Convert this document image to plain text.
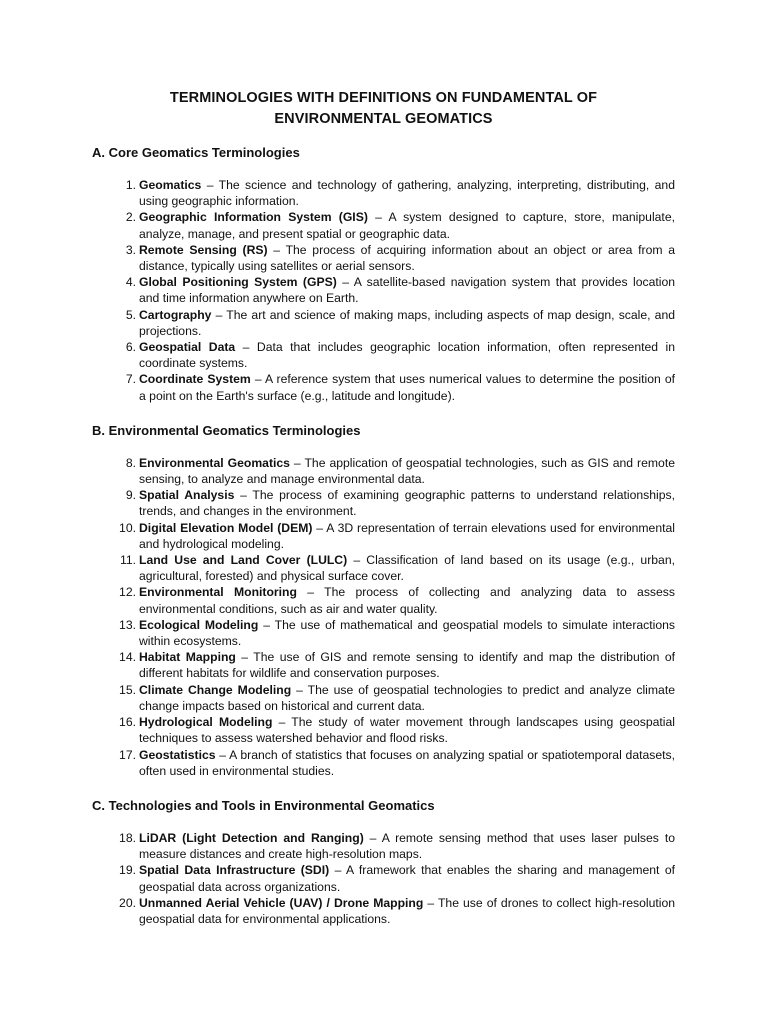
TERMINOLOGIES WITH DEFINITIONS ON FUNDAMENTAL OF
ENVIRONMENTAL GEOMATICS
A. Core Geomatics Terminologies
1. Geomatics – The science and technology of gathering, analyzing, interpreting, distributing, and using geographic information.
2. Geographic Information System (GIS) – A system designed to capture, store, manipulate, analyze, manage, and present spatial or geographic data.
3. Remote Sensing (RS) – The process of acquiring information about an object or area from a distance, typically using satellites or aerial sensors.
4. Global Positioning System (GPS) – A satellite-based navigation system that provides location and time information anywhere on Earth.
5. Cartography – The art and science of making maps, including aspects of map design, scale, and projections.
6. Geospatial Data – Data that includes geographic location information, often represented in coordinate systems.
7. Coordinate System – A reference system that uses numerical values to determine the position of a point on the Earth's surface (e.g., latitude and longitude).
B. Environmental Geomatics Terminologies
8. Environmental Geomatics – The application of geospatial technologies, such as GIS and remote sensing, to analyze and manage environmental data.
9. Spatial Analysis – The process of examining geographic patterns to understand relationships, trends, and changes in the environment.
10. Digital Elevation Model (DEM) – A 3D representation of terrain elevations used for environmental and hydrological modeling.
11. Land Use and Land Cover (LULC) – Classification of land based on its usage (e.g., urban, agricultural, forested) and physical surface cover.
12. Environmental Monitoring – The process of collecting and analyzing data to assess environmental conditions, such as air and water quality.
13. Ecological Modeling – The use of mathematical and geospatial models to simulate interactions within ecosystems.
14. Habitat Mapping – The use of GIS and remote sensing to identify and map the distribution of different habitats for wildlife and conservation purposes.
15. Climate Change Modeling – The use of geospatial technologies to predict and analyze climate change impacts based on historical and current data.
16. Hydrological Modeling – The study of water movement through landscapes using geospatial techniques to assess watershed behavior and flood risks.
17. Geostatistics – A branch of statistics that focuses on analyzing spatial or spatiotemporal datasets, often used in environmental studies.
C. Technologies and Tools in Environmental Geomatics
18. LiDAR (Light Detection and Ranging) – A remote sensing method that uses laser pulses to measure distances and create high-resolution maps.
19. Spatial Data Infrastructure (SDI) – A framework that enables the sharing and management of geospatial data across organizations.
20. Unmanned Aerial Vehicle (UAV) / Drone Mapping – The use of drones to collect high-resolution geospatial data for environmental applications.
